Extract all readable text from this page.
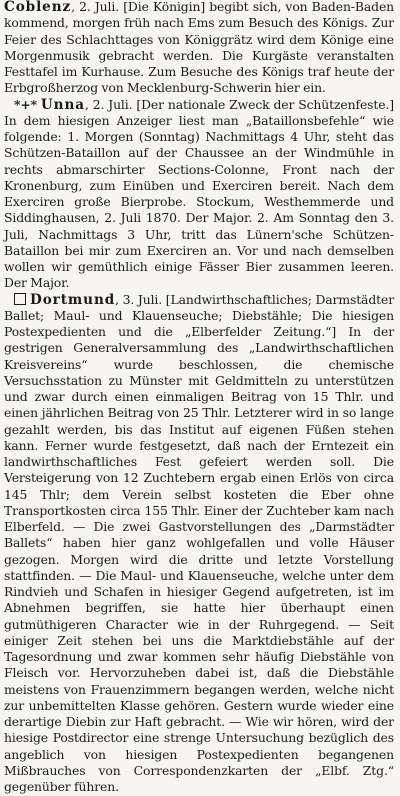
Coblenz, 2. Juli. [Die Königin] begibt sich, von Baden-Baden kommend, morgen früh nach Ems zum Besuch des Königs. Zur Feier des Schlachttages von Königgrätz wird dem Könige eine Morgenmusik gebracht werden. Die Kurgäste veranstalten Festtafel im Kurhause. Zum Besuche des Königs traf heute der Erbgroßherzog von Mecklenburg-Schwerin hier ein.

*+* Unna, 2. Juli. [Der nationale Zweck der Schützenfeste.] In dem hiesigen Anzeiger liest man „Bataillonsbefehle“ wie folgende: 1. Morgen (Sonntag) Nachmittags 4 Uhr, steht das Schützen-Bataillon auf der Chaussee an der Windmühle in rechts abmarschirter Sections-Colonne, Front nach der Kronenburg, zum Einüben und Exerciren bereit. Nach dem Exerciren große Bierprobe. Stockum, Westhemmerde und Siddinghausen, 2. Juli 1870. Der Major. 2. Am Sonntag den 3. Juli, Nachmittags 3 Uhr, tritt das Lünern'sche Schützen-Bataillon bei mir zum Exerciren an. Vor und nach demselben wollen wir gemüthlich einige Fässer Bier zusammen leeren. Der Major.

Dortmund, 3. Juli. [Landwirthschaftliches; Darmstädter Ballet; Maul- und Klauenseuche; Diebstähle; Die hiesigen Postexpedienten und die „Elberfelder Zeitung.“] In der gestrigen Generalversammlung des „Landwirthschaftlichen Kreisvereins“ wurde beschlossen, die chemische Versuchsstation zu Münster mit Geldmitteln zu unterstützen und zwar durch einen einmaligen Beitrag von 15 Thlr. und einen jährlichen Beitrag von 25 Thlr. Letzterer wird in so lange gezahlt werden, bis das Institut auf eigenen Füßen stehen kann. Ferner wurde festgesetzt, daß nach der Erntezeit ein landwirthschaftliches Fest gefeiert werden soll. Die Versteigerung von 12 Zuchtebern ergab einen Erlös von circa 145 Thlr; dem Verein selbst kosteten die Eber ohne Transportkosten circa 155 Thlr. Einer der Zuchteber kam nach Elberfeld. — Die zwei Gastvorstellungen des „Darmstädter Ballets“ haben hier ganz wohlgefallen und volle Häuser gezogen. Morgen wird die dritte und letzte Vorstellung stattfinden. — Die Maul- und Klauenseuche, welche unter dem Rindvieh und Schafen in hiesiger Gegend aufgetreten, ist im Abnehmen begriffen, sie hatte hier überhaupt einen gutmüthigeren Character wie in der Ruhrgegend. — Seit einiger Zeit stehen bei uns die Marktdiebstähle auf der Tagesordnung und zwar kommen sehr häufig Diebstähle von Fleisch vor. Hervorzuheben dabei ist, daß die Diebstähle meistens von Frauenzimmern begangen werden, welche nicht zur unbemittelten Klasse gehören. Gestern wurde wieder eine derartige Diebin zur Haft gebracht. — Wie wir hören, wird der hiesige Postdirector eine strenge Untersuchung bezüglich des angeblich von hiesigen Postexpedienten begangenen Mißbrauches von Correspondenzkarten der „Elbf. Ztg.“ gegenüber führen.
